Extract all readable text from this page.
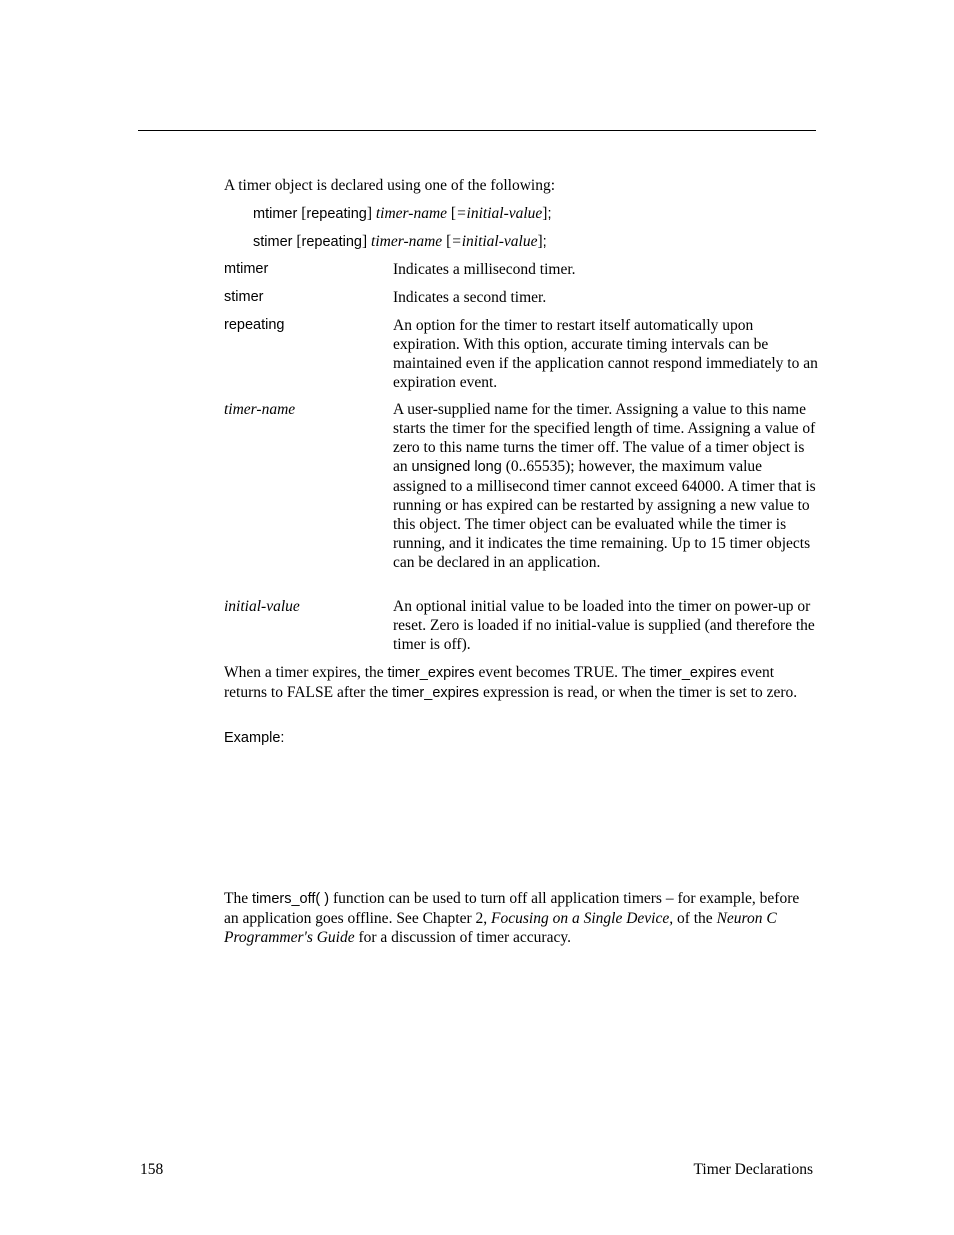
A timer object is declared using one of the following:

mtimer [repeating] timer-name [=initial-value];
stimer [repeating] timer-name [=initial-value];
mtimer	Indicates a millisecond timer.
stimer	Indicates a second timer.
repeating	An option for the timer to restart itself automatically upon expiration. With this option, accurate timing intervals can be maintained even if the application cannot respond immediately to an expiration event.
timer-name	A user-supplied name for the timer. Assigning a value to this name starts the timer for the specified length of time. Assigning a value of zero to this name turns the timer off. The value of a timer object is an unsigned long (0..65535); however, the maximum value assigned to a millisecond timer cannot exceed 64000. A timer that is running or has expired can be restarted by assigning a new value to this object. The timer object can be evaluated while the timer is running, and it indicates the time remaining. Up to 15 timer objects can be declared in an application.
initial-value	An optional initial value to be loaded into the timer on power-up or reset. Zero is loaded if no initial-value is supplied (and therefore the timer is off).

When a timer expires, the timer_expires event becomes TRUE. The timer_expires event returns to FALSE after the timer_expires expression is read, or when the timer is set to zero.

Example:

The timers_off( ) function can be used to turn off all application timers – for example, before an application goes offline. See Chapter 2, Focusing on a Single Device, of the Neuron C Programmer's Guide for a discussion of timer accuracy.

158	Timer Declarations
